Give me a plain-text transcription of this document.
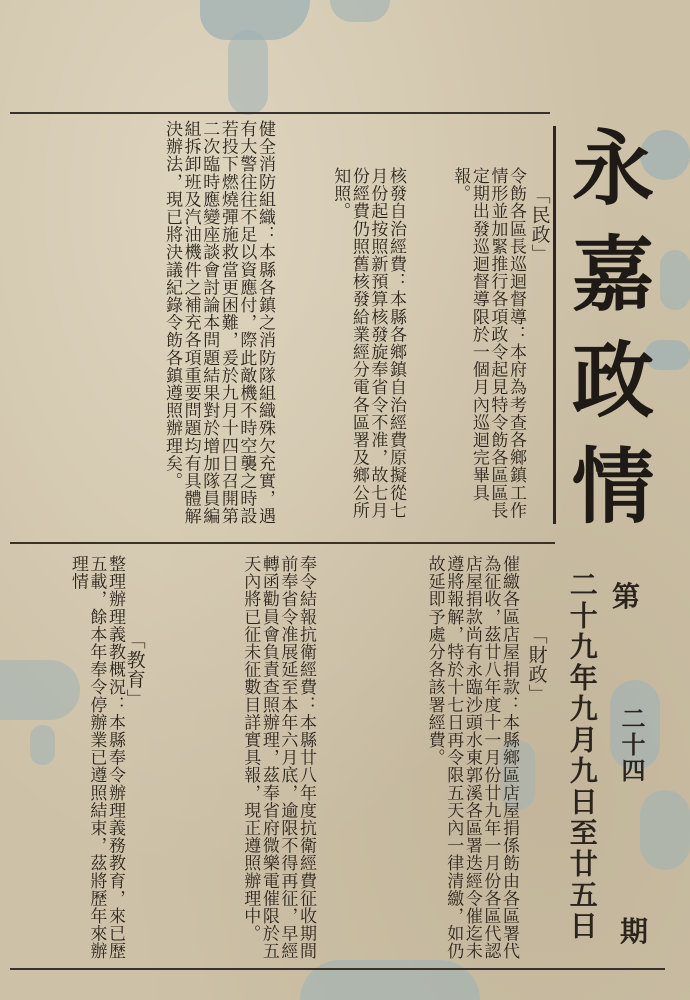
永
嘉
政
情
第
二十四
期
二十九年九月九日至廿五日
「民政」
令飭各區長巡迴督導：本府為考查各鄉鎮工作情形並加緊推行各項政令起見特令飭各區區長定期出發巡迴督導限於一個月內巡迴完畢具報。
核發自治經費：本縣各鄉鎮自治經費原擬從七月份起按照新預算核發旋奉省令不准，故七月份經費仍照舊核發給業經分電各區署及鄉公所知照。
健全消防組織：本縣各鎮之消防隊組織殊欠充實，遇有大警往往不足以資應付，際此敵機不時空襲之時設若投下燃燒彈施救當更困難，爰於九月十四日召開第二次臨時應變座談會討論本問題結果對於增加隊員編組拆卸班及汽油機件之補充各項重要問題均有具體解決辦法，現已將決議紀錄令飭各鎮遵照辦理矣。
「財政」
催繳各區店屋捐款：本縣鄉區店屋捐係飭由各區署代為征收，茲廿八年度十一月份廿九年一月份各區代認店屋捐款尚有永臨沙頭水東郭溪各區署迭經令催迄未遵將報解，特於十七日再令限五天內一律清繳，如仍故延即予處分各該署經費。
奉令結報抗衛經費：本縣廿八年度抗衛經費征收期間前奉省令准展延至本年六月底，逾限不得再征，早經轉函勸員會負責查照辦理，茲奉省府微樂電催限於五天內將已征未征數目詳實具報，現正遵照辦理中。
「教育」
整理辦理義教概況：本縣奉令辦理義務教育，來已歷五載，餘本年奉令停辦業已遵照結束，茲將歷年來辦理情
